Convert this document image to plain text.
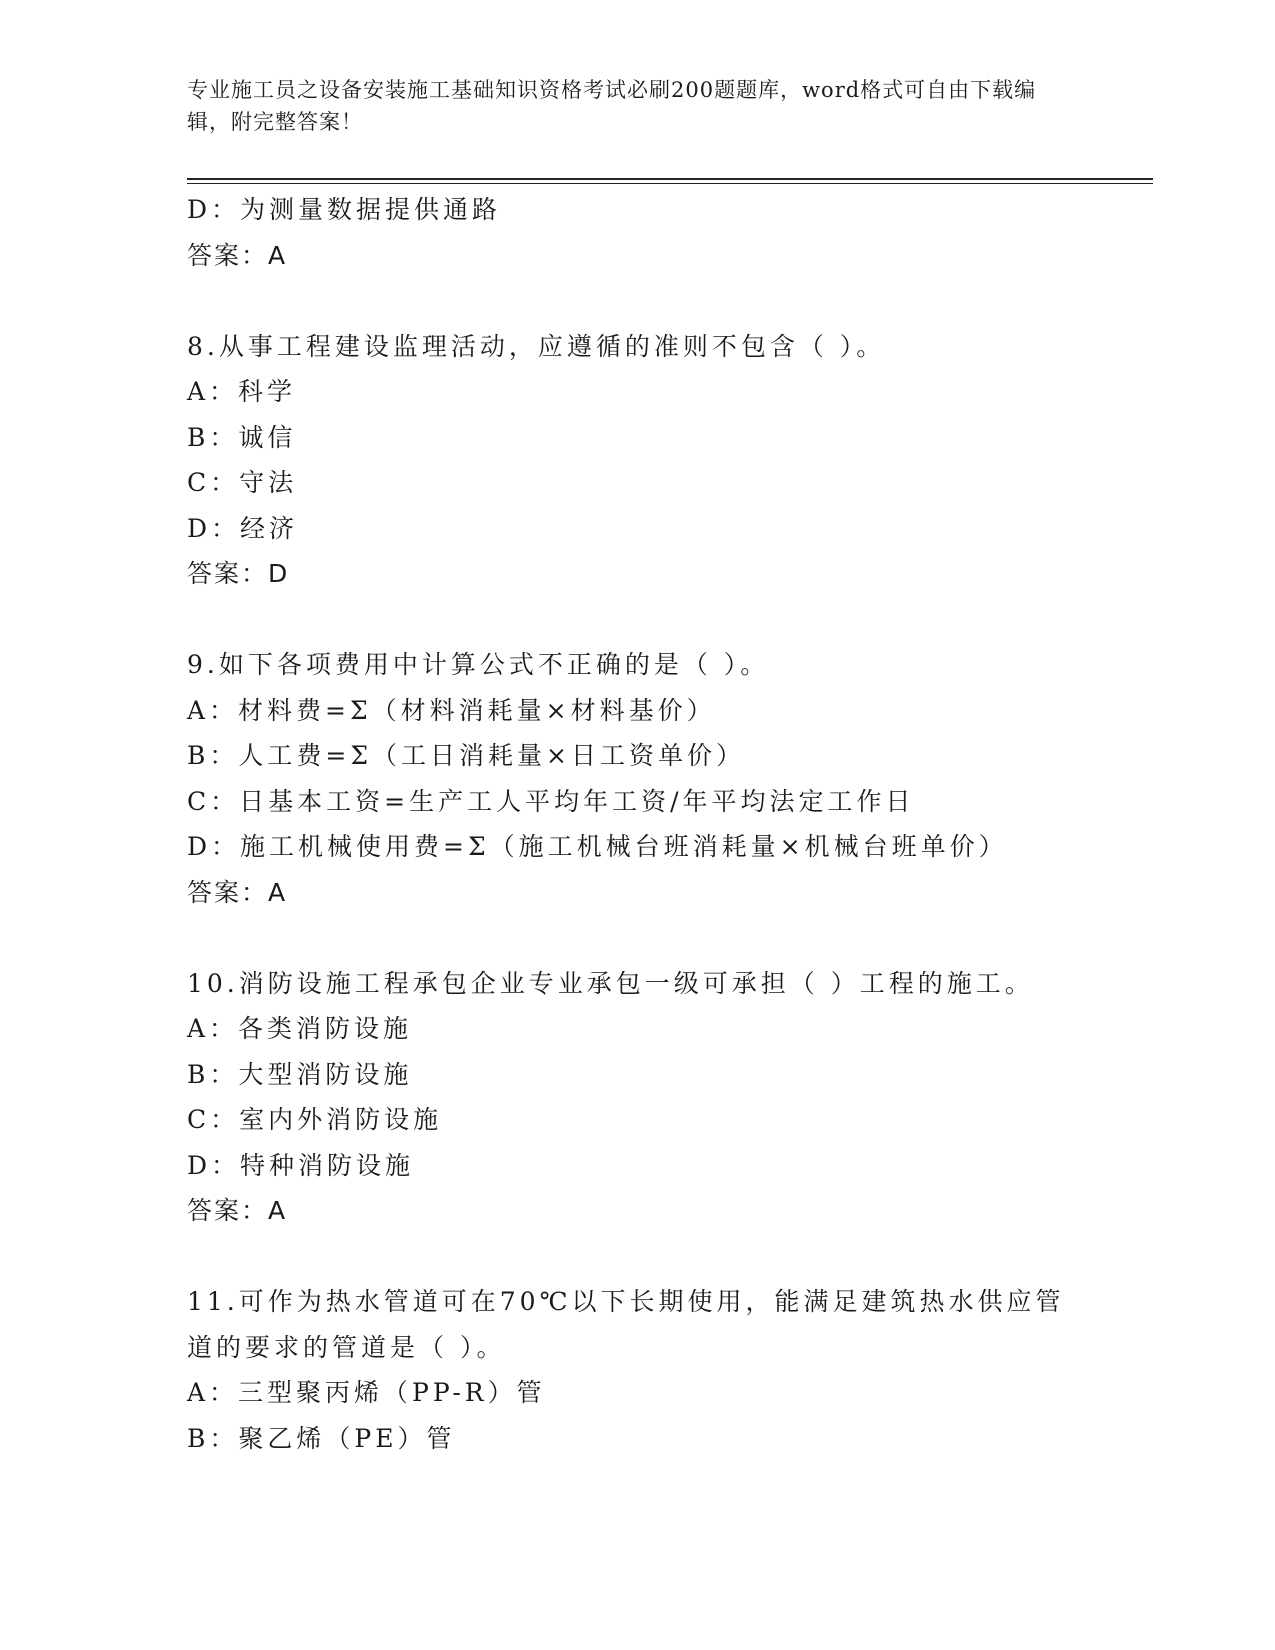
专业施工员之设备安装施工基础知识资格考试必刷200题题库，word格式可自由下载编辑，附完整答案！
D：为测量数据提供通路
答案：A
8.从事工程建设监理活动，应遵循的准则不包含（ ）。
A：科学
B：诚信
C：守法
D：经济
答案：D
9.如下各项费用中计算公式不正确的是（ ）。
A：材料费=Σ（材料消耗量×材料基价）
B：人工费=Σ（工日消耗量×日工资单价）
C：日基本工资=生产工人平均年工资/年平均法定工作日
D：施工机械使用费=Σ（施工机械台班消耗量×机械台班单价）
答案：A
10.消防设施工程承包企业专业承包一级可承担（ ）工程的施工。
A：各类消防设施
B：大型消防设施
C：室内外消防设施
D：特种消防设施
答案：A
11.可作为热水管道可在70℃以下长期使用，能满足建筑热水供应管道的要求的管道是（ ）。
A：三型聚丙烯（PP-R）管
B：聚乙烯（PE）管
